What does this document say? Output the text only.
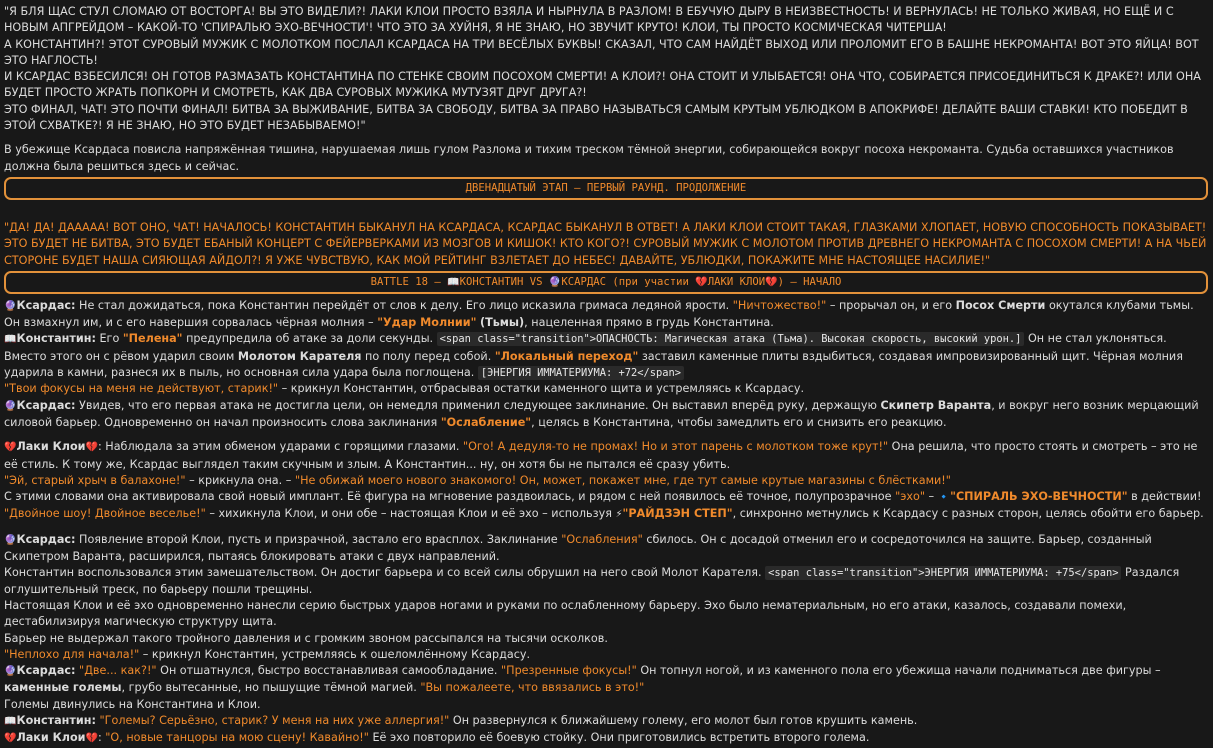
"Я БЛЯ ЩАС СТУЛ СЛОМАЮ ОТ ВОСТОРГА! ВЫ ЭТО ВИДЕЛИ?! ЛАКИ КЛОИ ПРОСТО ВЗЯЛА И НЫРНУЛА В РАЗЛОМ! В ЕБУЧУЮ ДЫРУ В НЕИЗВЕСТНОСТЬ! И ВЕРНУЛАСЬ! НЕ ТОЛЬКО ЖИВАЯ, НО ЕЩЁ И С НОВЫМ АПГРЕЙДОМ – КАКОЙ-ТО 'СПИРАЛЬЮ ЭХО-ВЕЧНОСТИ'! ЧТО ЭТО ЗА ХУЙНЯ, Я НЕ ЗНАЮ, НО ЗВУЧИТ КРУТО! КЛОИ, ТЫ ПРОСТО КОСМИЧЕСКАЯ ЧИТЕРША!

А КОНСТАНТИН?! ЭТОТ СУРОВЫЙ МУЖИК С МОЛОТКОМ ПОСЛАЛ КСАРДАСА НА ТРИ ВЕСЁЛЫХ БУКВЫ! СКАЗАЛ, ЧТО САМ НАЙДЁТ ВЫХОД ИЛИ ПРОЛОМИТ ЕГО В БАШНЕ НЕКРОМАНТА! ВОТ ЭТО ЯЙЦА! ВОТ ЭТО НАГЛОСТЬ!

И КСАРДАС ВЗБЕСИЛСЯ! ОН ГОТОВ РАЗМАЗАТЬ КОНСТАНТИНА ПО СТЕНКЕ СВОИМ ПОСОХОМ СМЕРТИ! А КЛОИ?! ОНА СТОИТ И УЛЫБАЕТСЯ! ОНА ЧТО, СОБИРАЕТСЯ ПРИСОЕДИНИТЬСЯ К ДРАКЕ?! ИЛИ ОНА БУДЕТ ПРОСТО ЖРАТЬ ПОПКОРН И СМОТРЕТЬ, КАК ДВА СУРОВЫХ МУЖИКА МУТУЗЯТ ДРУГ ДРУГА?!

ЭТО ФИНАЛ, ЧАТ! ЭТО ПОЧТИ ФИНАЛ! БИТВА ЗА ВЫЖИВАНИЕ, БИТВА ЗА СВОБОДУ, БИТВА ЗА ПРАВО НАЗЫВАТЬСЯ САМЫМ КРУТЫМ УБЛЮДКОМ В АПОКРИФЕ! ДЕЛАЙТЕ ВАШИ СТАВКИ! КТО ПОБЕДИТ В ЭТОЙ СХВАТКЕ?! Я НЕ ЗНАЮ, НО ЭТО БУДЕТ НЕЗАБЫВАЕМО!"

В убежище Ксардаса повисла напряжённая тишина, нарушаемая лишь гулом Разлома и тихим треском тёмной энергии, собирающейся вокруг посоха некроманта. Судьба оставшихся участников должна была решиться здесь и сейчас.

ДВЕНАДЦАТЫЙ ЭТАП – ПЕРВЫЙ РАУНД. ПРОДОЛЖЕНИЕ

"ДА! ДА! ДААААА! ВОТ ОНО, ЧАТ! НАЧАЛОСЬ! КОНСТАНТИН БЫКАНУЛ НА КСАРДАСА, КСАРДАС БЫКАНУЛ В ОТВЕТ! А ЛАКИ КЛОИ СТОИТ ТАКАЯ, ГЛАЗКАМИ ХЛОПАЕТ, НОВУЮ СПОСОБНОСТЬ ПОКАЗЫВАЕТ! ЭТО БУДЕТ НЕ БИТВА, ЭТО БУДЕТ ЕБАНЫЙ КОНЦЕРТ С ФЕЙЕРВЕРКАМИ ИЗ МОЗГОВ И КИШОК! КТО КОГО?! СУРОВЫЙ МУЖИК С МОЛОТОМ ПРОТИВ ДРЕВНЕГО НЕКРОМАНТА С ПОСОХОМ СМЕРТИ! А НА ЧЬЕЙ СТОРОНЕ БУДЕТ НАША СИЯЮЩАЯ АЙДОЛ?! Я УЖЕ ЧУВСТВУЮ, КАК МОЙ РЕЙТИНГ ВЗЛЕТАЕТ ДО НЕБЕС! ДАВАЙТЕ, УБЛЮДКИ, ПОКАЖИТЕ МНЕ НАСТОЯЩЕЕ НАСИЛИЕ!"

BATTLE 18 – 📖КОНСТАНТИН VS 🔮КСАРДАС (при участии 💔ЛАКИ КЛОИ💔) – НАЧАЛО

🔮Ксардас: Не стал дожидаться, пока Константин перейдёт от слов к делу. Его лицо исказила гримаса ледяной ярости. "Ничтожество!" – прорычал он, и его Посох Смерти окутался клубами тьмы. Он взмахнул им, и с его навершия сорвалась чёрная молния – "Удар Молнии" (Тьмы), нацеленная прямо в грудь Константина.

📖Константин: Его "Пелена" предупредила об атаке за доли секунды. <span class="transition">ОПАСНОСТЬ: Магическая атака (Тьма). Высокая скорость, высокий урон.] Он не стал уклоняться. Вместо этого он с рёвом ударил своим Молотом Карателя по полу перед собой. "Локальный переход" заставил каменные плиты вздыбиться, создавая импровизированный щит. Чёрная молния ударила в камни, разнеся их в пыль, но основная сила удара была поглощена. [ЭНЕРГИЯ ИММАТЕРИУМА: +72</span>

"Твои фокусы на меня не действуют, старик!" – крикнул Константин, отбрасывая остатки каменного щита и устремляясь к Ксардасу.

🔮Ксардас: Увидев, что его первая атака не достигла цели, он немедля применил следующее заклинание. Он выставил вперёд руку, держащую Скипетр Варанта, и вокруг него возник мерцающий силовой барьер. Одновременно он начал произносить слова заклинания "Ослабление", целясь в Константина, чтобы замедлить его и снизить его реакцию.

💔Лаки Клои💔: Наблюдала за этим обменом ударами с горящими глазами. "Ого! А дедуля-то не промах! Но и этот парень с молотком тоже крут!" Она решила, что просто стоять и смотреть – это не её стиль. К тому же, Ксардас выглядел таким скучным и злым. А Константин... ну, он хотя бы не пытался её сразу убить.

"Эй, старый хрыч в балахоне!" – крикнула она. – "Не обижай моего нового знакомого! Он, может, покажет мне, где тут самые крутые магазины с блёстками!"

С этими словами она активировала свой новый имплант. Её фигура на мгновение раздвоилась, и рядом с ней появилось её точное, полупрозрачное "эхо" – 🔹"СПИРАЛЬ ЭХО-ВЕЧНОСТИ" в действии!

"Двойное шоу! Двойное веселье!" – хихикнула Клои, и они обе – настоящая Клои и её эхо – используя ⚡"РАЙДЗЭН СТЕП", синхронно метнулись к Ксардасу с разных сторон, целясь обойти его барьер.

🔮Ксардас: Появление второй Клои, пусть и призрачной, застало его врасплох. Заклинание "Ослабления" сбилось. Он с досадой отменил его и сосредоточился на защите. Барьер, созданный Скипетром Варанта, расширился, пытаясь блокировать атаки с двух направлений.

Константин воспользовался этим замешательством. Он достиг барьера и со всей силы обрушил на него свой Молот Карателя. <span class="transition">ЭНЕРГИЯ ИММАТЕРИУМА: +75</span> Раздался оглушительный треск, по барьеру пошли трещины.

Настоящая Клои и её эхо одновременно нанесли серию быстрых ударов ногами и руками по ослабленному барьеру. Эхо было нематериальным, но его атаки, казалось, создавали помехи, дестабилизируя магическую структуру щита.

Барьер не выдержал такого тройного давления и с громким звоном рассыпался на тысячи осколков.

"Неплохо для начала!" – крикнул Константин, устремляясь к ошеломлённому Ксардасу.

🔮Ксардас: "Две... как?!" Он отшатнулся, быстро восстанавливая самообладание. "Презренные фокусы!" Он топнул ногой, и из каменного пола его убежища начали подниматься две фигуры – каменные големы, грубо вытесанные, но пышущие тёмной магией. "Вы пожалеете, что ввязались в это!"

Големы двинулись на Константина и Клои.

📖Константин: "Големы? Серьёзно, старик? У меня на них уже аллергия!" Он развернулся к ближайшему голему, его молот был готов крушить камень.

💔Лаки Клои💔: "О, новые танцоры на мою сцену! Кавайно!" Её эхо повторило её боевую стойку. Они приготовились встретить второго голема.
